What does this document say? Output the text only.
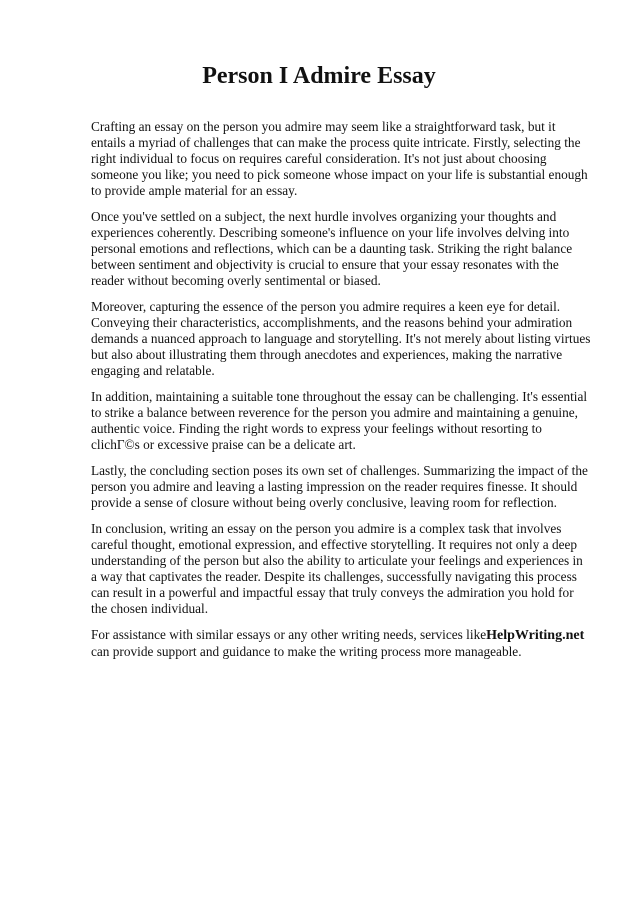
Person I Admire Essay

Crafting an essay on the person you admire may seem like a straightforward task, but it entails a myriad of challenges that can make the process quite intricate. Firstly, selecting the right individual to focus on requires careful consideration. It's not just about choosing someone you like; you need to pick someone whose impact on your life is substantial enough to provide ample material for an essay.

Once you've settled on a subject, the next hurdle involves organizing your thoughts and experiences coherently. Describing someone's influence on your life involves delving into personal emotions and reflections, which can be a daunting task. Striking the right balance between sentiment and objectivity is crucial to ensure that your essay resonates with the reader without becoming overly sentimental or biased.

Moreover, capturing the essence of the person you admire requires a keen eye for detail. Conveying their characteristics, accomplishments, and the reasons behind your admiration demands a nuanced approach to language and storytelling. It's not merely about listing virtues but also about illustrating them through anecdotes and experiences, making the narrative engaging and relatable.

In addition, maintaining a suitable tone throughout the essay can be challenging. It's essential to strike a balance between reverence for the person you admire and maintaining a genuine, authentic voice. Finding the right words to express your feelings without resorting to clichГ©s or excessive praise can be a delicate art.

Lastly, the concluding section poses its own set of challenges. Summarizing the impact of the person you admire and leaving a lasting impression on the reader requires finesse. It should provide a sense of closure without being overly conclusive, leaving room for reflection.

In conclusion, writing an essay on the person you admire is a complex task that involves careful thought, emotional expression, and effective storytelling. It requires not only a deep understanding of the person but also the ability to articulate your feelings and experiences in a way that captivates the reader. Despite its challenges, successfully navigating this process can result in a powerful and impactful essay that truly conveys the admiration you hold for the chosen individual.

For assistance with similar essays or any other writing needs, services likeHelpWriting.net can provide support and guidance to make the writing process more manageable.
